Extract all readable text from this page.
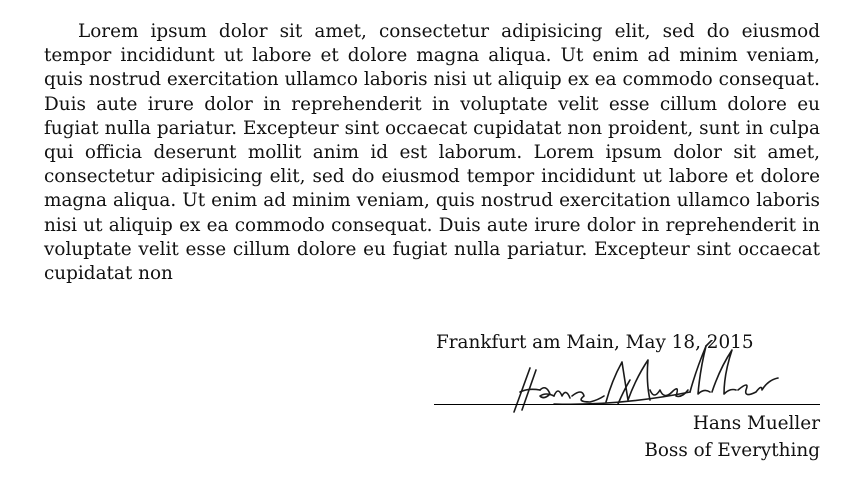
Lorem ipsum dolor sit amet, consectetur adipisicing elit, sed do eiusmod tempor incididunt ut labore et dolore magna aliqua. Ut enim ad minim veniam, quis nostrud exercitation ullamco laboris nisi ut aliquip ex ea commodo consequat. Duis aute irure dolor in reprehenderit in voluptate velit esse cillum dolore eu fugiat nulla pariatur. Excepteur sint occaecat cupidatat non proident, sunt in culpa qui officia deserunt mollit anim id est laborum. Lorem ipsum dolor sit amet, consectetur adipisicing elit, sed do eiusmod tempor incididunt ut labore et dolore magna aliqua. Ut enim ad minim veniam, quis nostrud exercitation ullamco laboris nisi ut aliquip ex ea commodo consequat. Duis aute irure dolor in reprehenderit in voluptate velit esse cillum dolore eu fugiat nulla pariatur. Excepteur sint occaecat cupidatat non

Frankfurt am Main, May 18, 2015
Hans Mueller
Boss of Everything
